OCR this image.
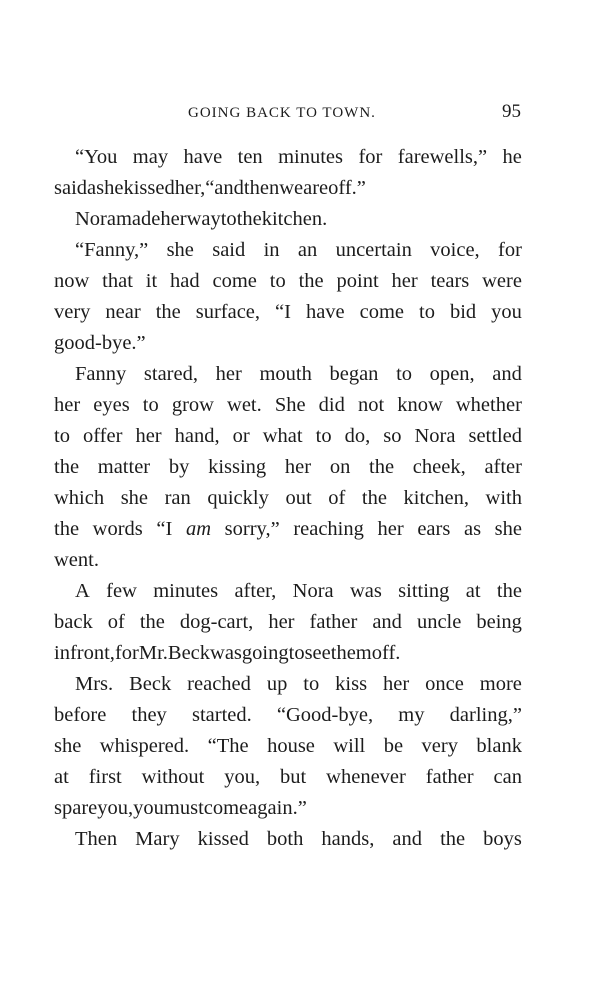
GOING BACK TO TOWN.	95
“You may have ten minutes for farewells,” he
said as he kissed her, “and then we are off.”
Nora made her way to the kitchen.
“Fanny,” she said in an uncertain voice, for
now that it had come to the point her tears were
very near the surface, “I have come to bid you
good-bye.”
Fanny stared, her mouth began to open, and
her eyes to grow wet. She did not know whether
to offer her hand, or what to do, so Nora settled
the matter by kissing her on the cheek, after
which she ran quickly out of the kitchen, with
the words “I am sorry,” reaching her ears as she
went.
A few minutes after, Nora was sitting at the
back of the dog-cart, her father and uncle being
in front, for Mr. Beck was going to see them off.
Mrs. Beck reached up to kiss her once more
before they started. “Good-bye, my darling,”
she whispered. “The house will be very blank
at first without you, but whenever father can
spare you, you must come again.”
Then Mary kissed both hands, and the boys
